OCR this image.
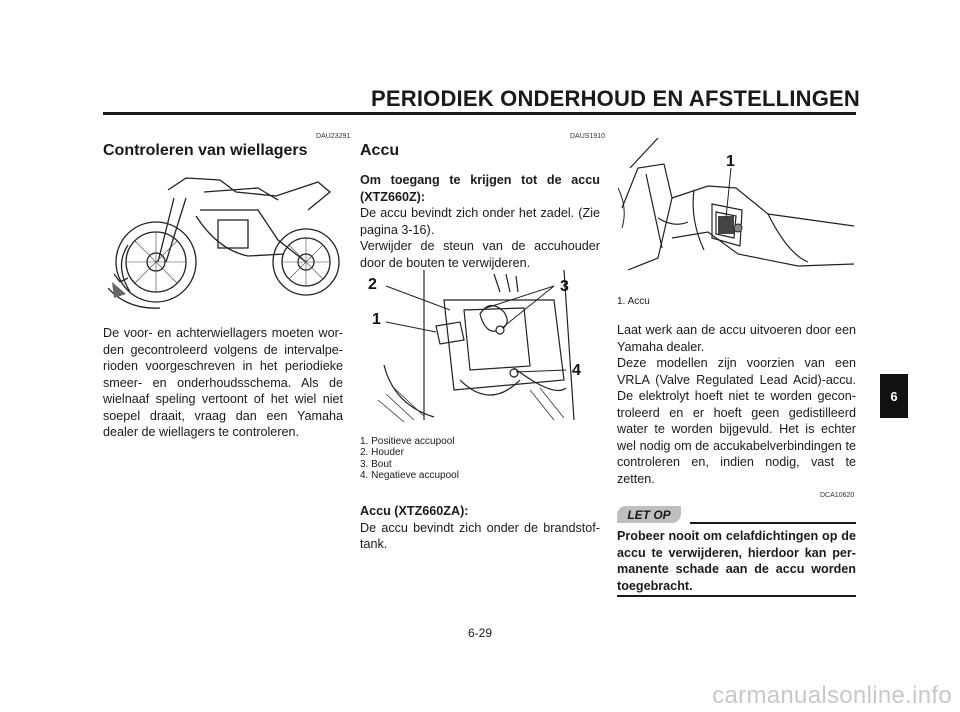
PERIODIEK ONDERHOUD EN AFSTELLINGEN
DAU23291

Controleren van wiellagers

De voor- en achterwiellagers moeten wor-den gecontroleerd volgens de intervalpe-rioden voorgeschreven in het periodieke smeer- en onderhoudsschema. Als de wielnaaf speling vertoont of het wiel niet soepel draait, vraag dan een Yamaha dealer de wiellagers te controleren.

DAUS1910

Accu

Om toegang te krijgen tot de accu (XTZ660Z):

De accu bevindt zich onder het zadel. (Zie pagina 3-16).

Verwijder de steun van de accuhouder door de bouten te verwijderen.

2	3
1
4

1. Positieve accupool

2. Houder

3. Bout

4. Negatieve accupool

Accu (XTZ660ZA):

De accu bevindt zich onder de brandstof-tank.

1

1. Accu

Laat werk aan de accu uitvoeren door een Yamaha dealer.

Deze modellen zijn voorzien van een VRLA (Valve Regulated Lead Acid)-accu. De elektrolyt hoeft niet te worden gecon-troleerd en er hoeft geen gedistilleerd water te worden bijgevuld. Het is echter wel nodig om de accukabelverbindingen te controleren en, indien nodig, vast te zetten.

DCA10620
LET OP

Probeer nooit om celafdichtingen op de accu te verwijderen, hierdoor kan per-manente schade aan de accu worden toegebracht.

6
6-29
carmanualsonline.info
